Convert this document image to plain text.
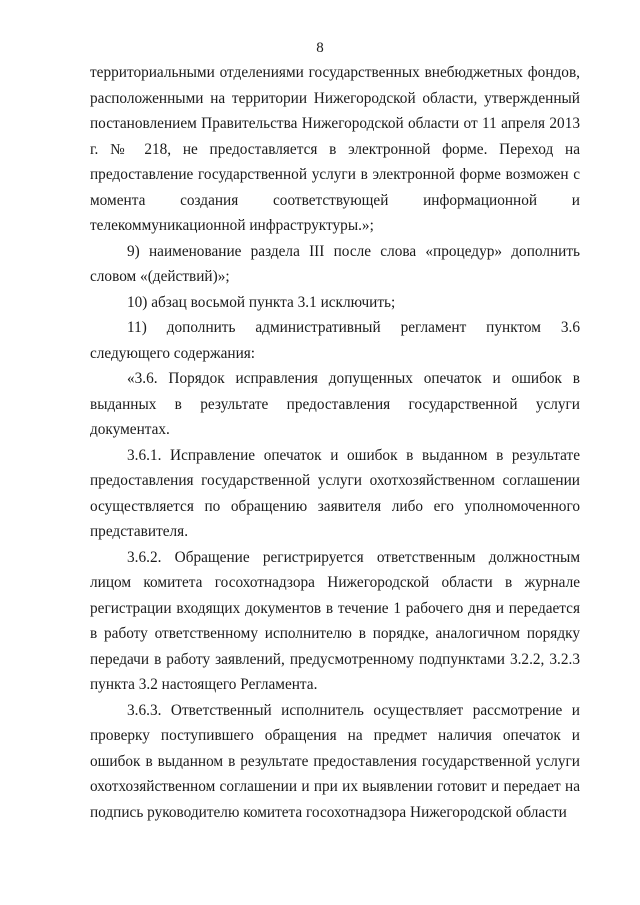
8

территориальными отделениями государственных внебюджетных фондов, расположенными на территории Нижегородской области, утвержденный постановлением Правительства Нижегородской области от 11 апреля 2013 г. № 218, не предоставляется в электронной форме. Переход на предоставление государственной услуги в электронной форме возможен с момента создания соответствующей информационной и телекоммуникационной инфраструктуры.»;

9) наименование раздела III после слова «процедур» дополнить словом «(действий)»;

10) абзац восьмой пункта 3.1 исключить;

11) дополнить административный регламент пунктом 3.6 следующего содержания:

«3.6. Порядок исправления допущенных опечаток и ошибок в выданных в результате предоставления государственной услуги документах.

3.6.1. Исправление опечаток и ошибок в выданном в результате предоставления государственной услуги охотхозяйственном соглашении осуществляется по обращению заявителя либо его уполномоченного представителя.

3.6.2. Обращение регистрируется ответственным должностным лицом комитета госохотнадзора Нижегородской области в журнале регистрации входящих документов в течение 1 рабочего дня и передается в работу ответственному исполнителю в порядке, аналогичном порядку передачи в работу заявлений, предусмотренному подпунктами 3.2.2, 3.2.3 пункта 3.2 настоящего Регламента.

3.6.3. Ответственный исполнитель осуществляет рассмотрение и проверку поступившего обращения на предмет наличия опечаток и ошибок в выданном в результате предоставления государственной услуги охотхозяйственном соглашении и при их выявлении готовит и передает на подпись руководителю комитета госохотнадзора Нижегородской области
